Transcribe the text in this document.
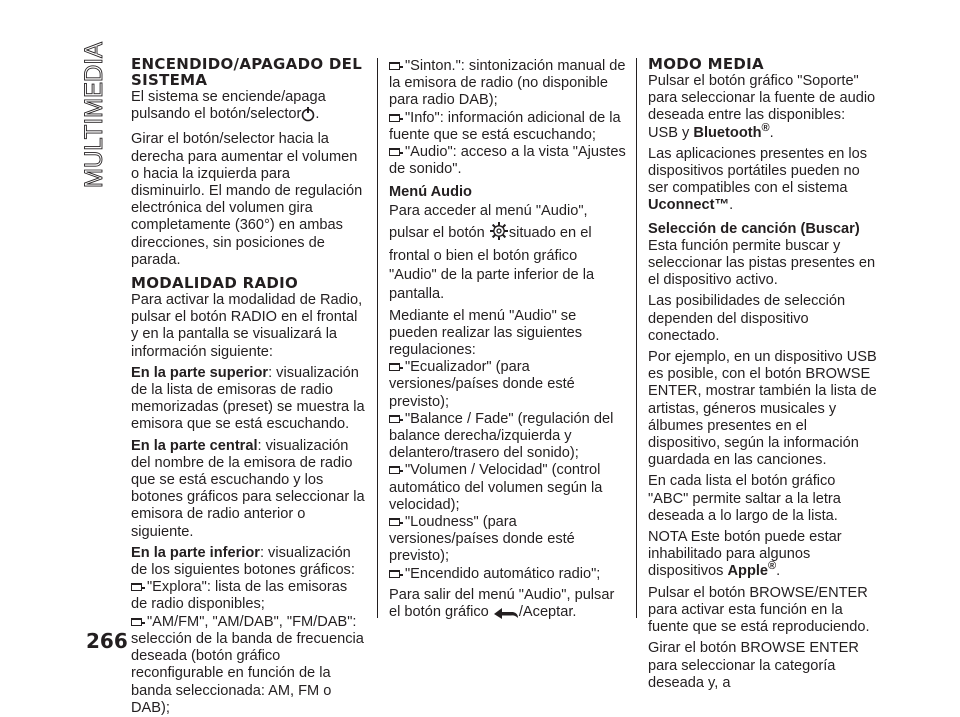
MULTIMEDIA
266
ENCENDIDO/APAGADO DEL SISTEMA

El sistema se enciende/apaga pulsando el botón/selector .

Girar el botón/selector hacia la derecha para aumentar el volumen o hacia la izquierda para disminuirlo. El mando de regulación electrónica del volumen gira completamente (360°) en ambas direcciones, sin posiciones de parada.

MODALIDAD RADIO

Para activar la modalidad de Radio, pulsar el botón RADIO en el frontal y en la pantalla se visualizará la información siguiente:

En la parte superior: visualización de la lista de emisoras de radio memorizadas (preset) se muestra la emisora que se está escuchando.

En la parte central: visualización del nombre de la emisora de radio que se está escuchando y los botones gráficos para seleccionar la emisora de radio anterior o siguiente.

En la parte inferior: visualización de los siguientes botones gráficos:

"Explora": lista de las emisoras de radio disponibles;

"AM/FM", "AM/DAB", "FM/DAB": selección de la banda de frecuencia deseada (botón gráfico reconfigurable en función de la banda seleccionada: AM, FM o DAB);

"Sinton.": sintonización manual de la emisora de radio (no disponible para radio DAB);

"Info": información adicional de la fuente que se está escuchando;

"Audio": acceso a la vista "Ajustes de sonido".

Menú Audio

Para acceder al menú "Audio", pulsar el botón situado en el frontal o bien el botón gráfico "Audio" de la parte inferior de la pantalla.

Mediante el menú "Audio" se pueden realizar las siguientes regulaciones:

"Ecualizador" (para versiones/países donde esté previsto);

"Balance / Fade" (regulación del balance derecha/izquierda y delantero/trasero del sonido);

"Volumen / Velocidad" (control automático del volumen según la velocidad);

"Loudness" (para versiones/países donde esté previsto);

"Encendido automático radio";

Para salir del menú "Audio", pulsar el botón gráfico /Aceptar.

MODO MEDIA

Pulsar el botón gráfico "Soporte" para seleccionar la fuente de audio deseada entre las disponibles: USB y Bluetooth®.

Las aplicaciones presentes en los dispositivos portátiles pueden no ser compatibles con el sistema Uconnect™.

Selección de canción (Buscar)

Esta función permite buscar y seleccionar las pistas presentes en el dispositivo activo.

Las posibilidades de selección dependen del dispositivo conectado.

Por ejemplo, en un dispositivo USB es posible, con el botón BROWSE ENTER, mostrar también la lista de artistas, géneros musicales y álbumes presentes en el dispositivo, según la información guardada en las canciones.

En cada lista el botón gráfico "ABC" permite saltar a la letra deseada a lo largo de la lista.

NOTA Este botón puede estar inhabilitado para algunos dispositivos Apple®.

Pulsar el botón BROWSE/ENTER para activar esta función en la fuente que se está reproduciendo.

Girar el botón BROWSE ENTER para seleccionar la categoría deseada y, a
